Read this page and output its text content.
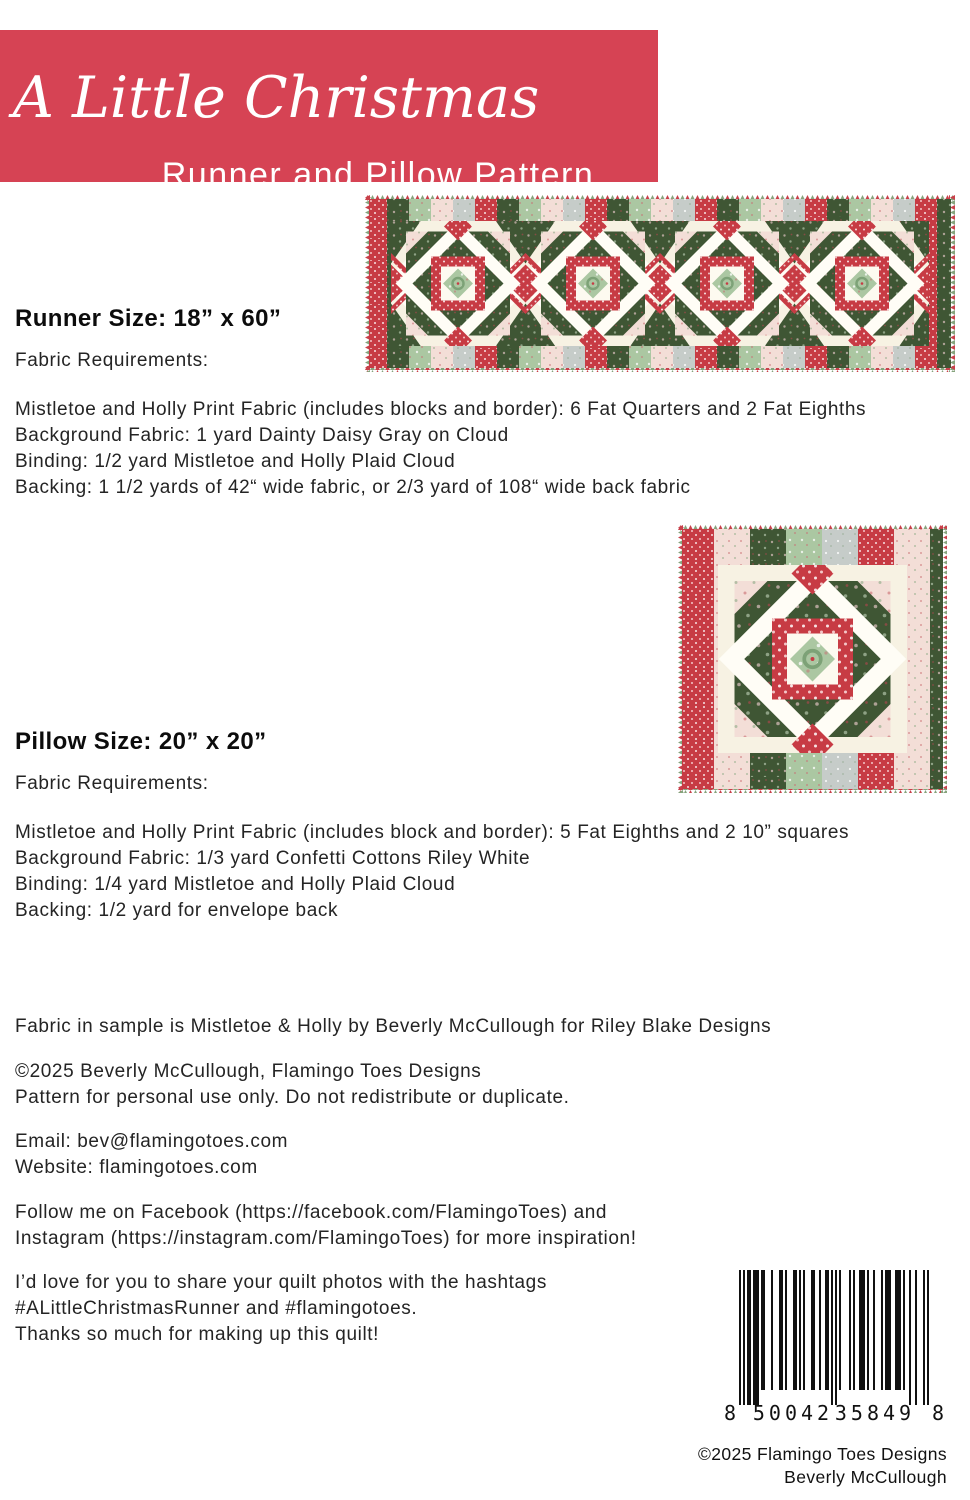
A Little Christmas
Runner and Pillow Pattern
Runner Size: 18” x 60”
Fabric Requirements:
Mistletoe and Holly Print Fabric (includes blocks and border): 6 Fat Quarters and 2 Fat Eighths
Background Fabric: 1 yard Dainty Daisy Gray on Cloud
Binding: 1/2 yard Mistletoe and Holly Plaid Cloud
Backing: 1 1/2 yards of 42“ wide fabric, or 2/3 yard of 108“ wide back fabric
Pillow Size: 20” x 20”
Fabric Requirements:
Mistletoe and Holly Print Fabric (includes block and border): 5 Fat Eighths and 2 10” squares
Background Fabric: 1/3 yard Confetti Cottons Riley White
Binding: 1/4 yard Mistletoe and Holly Plaid Cloud
Backing: 1/2 yard for envelope back
Fabric in sample is Mistletoe & Holly by Beverly McCullough for Riley Blake Designs
©2025 Beverly McCullough, Flamingo Toes Designs
Pattern for personal use only. Do not redistribute or duplicate.
Email: bev@flamingotoes.com
Website: flamingotoes.com
Follow me on Facebook (https://facebook.com/FlamingoToes) and
Instagram (https://instagram.com/FlamingoToes) for more inspiration!
I’d love for you to share your quilt photos with the hashtags
#ALittleChristmasRunner and #flamingotoes.
Thanks so much for making up this quilt!
8 50042 35849 8
©2025 Flamingo Toes Designs
Beverly McCullough
